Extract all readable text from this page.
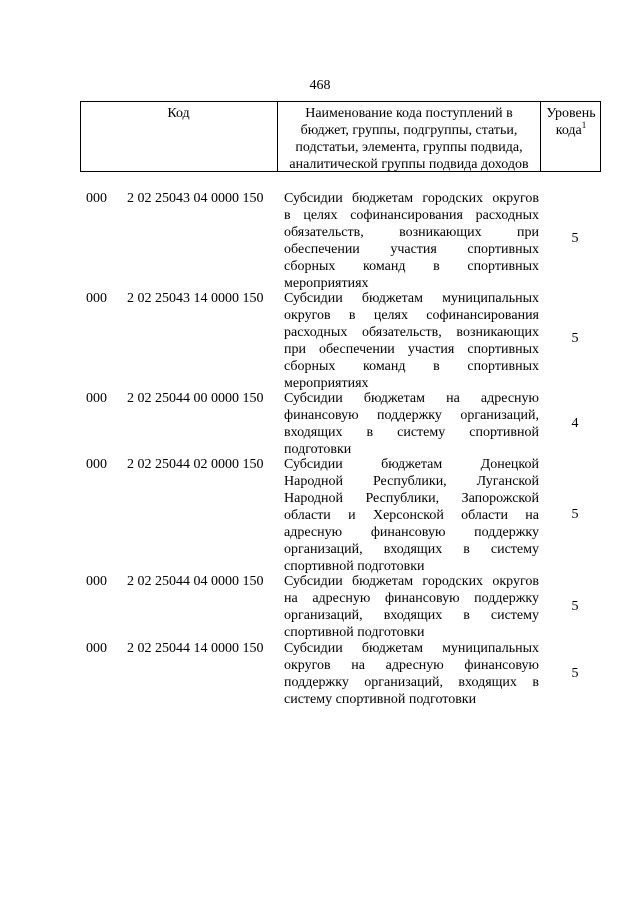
468
Код	Наименование кода поступлений в
бюджет, группы, подгруппы, статьи,
подстатьи, элемента, группы подвида,
аналитической группы подвида доходов
Уровень
кода$^1$
000	2 02 25043 04 0000 150	Субсидии бюджетам городских округов
в целях софинансирования расходных
обязательств, возникающих при
обеспечении участия спортивных
сборных команд в спортивных
мероприятиях
5
000	2 02 25043 14 0000 150	Субсидии бюджетам муниципальных
округов в целях софинансирования
расходных обязательств, возникающих
при обеспечении участия спортивных
сборных команд в спортивных
мероприятиях
5
000	2 02 25044 00 0000 150	Субсидии бюджетам на адресную
финансовую поддержку организаций,
входящих в систему спортивной
подготовки
4
000	2 02 25044 02 0000 150	Субсидии бюджетам Донецкой
Народной Республики, Луганской
Народной Республики, Запорожской
области и Херсонской области на
адресную финансовую поддержку
организаций, входящих в систему
спортивной подготовки
5
000	2 02 25044 04 0000 150	Субсидии бюджетам городских округов
на адресную финансовую поддержку
организаций, входящих в систему
спортивной подготовки
5
000	2 02 25044 14 0000 150	Субсидии бюджетам муниципальных
округов на адресную финансовую
поддержку организаций, входящих в
систему спортивной подготовки
5
